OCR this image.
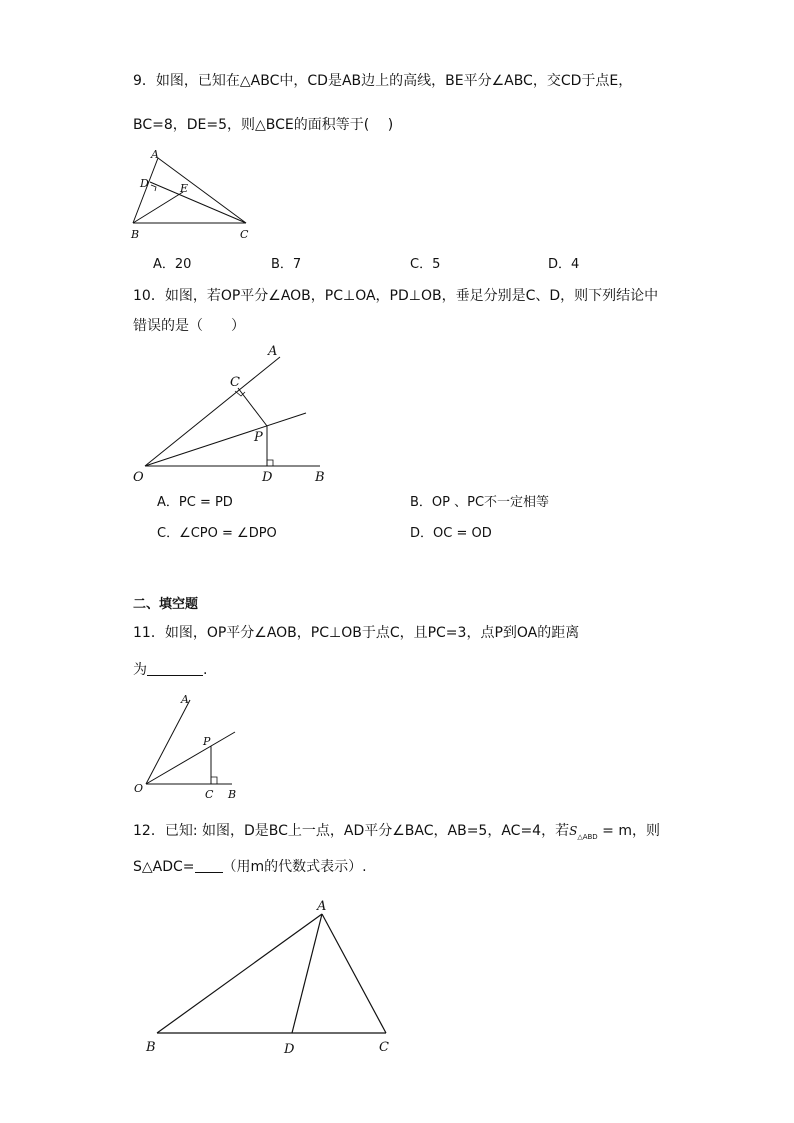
9．如图，已知在△ABC中，CD是AB边上的高线，BE平分∠ABC，交CD于点E，
BC=8，DE=5，则△BCE的面积等于(　 )
A
D	E
B	C
A．20	B．7	C．5	D．4
10．如图，若OP平分∠AOB，PC⊥OA，PD⊥OB，垂足分别是C、D，则下列结论中
错误的是（　　）
A
C
P
O	D	B
A．PC = PD	B．OP 、PC不一定相等
C．∠CPO = ∠DPO	D．OC = OD
二、填空题
11．如图，OP平分∠AOB，PC⊥OB于点C，且PC=3，点P到OA的距离
为	.
A
P
O	C B
12．已知: 如图，D是BC上一点，AD平分∠BAC，AB=5，AC=4，若$S_{\triangle ABD} = m$，则
S△ADC= （用m的代数式表示）.
A
B	D	C
